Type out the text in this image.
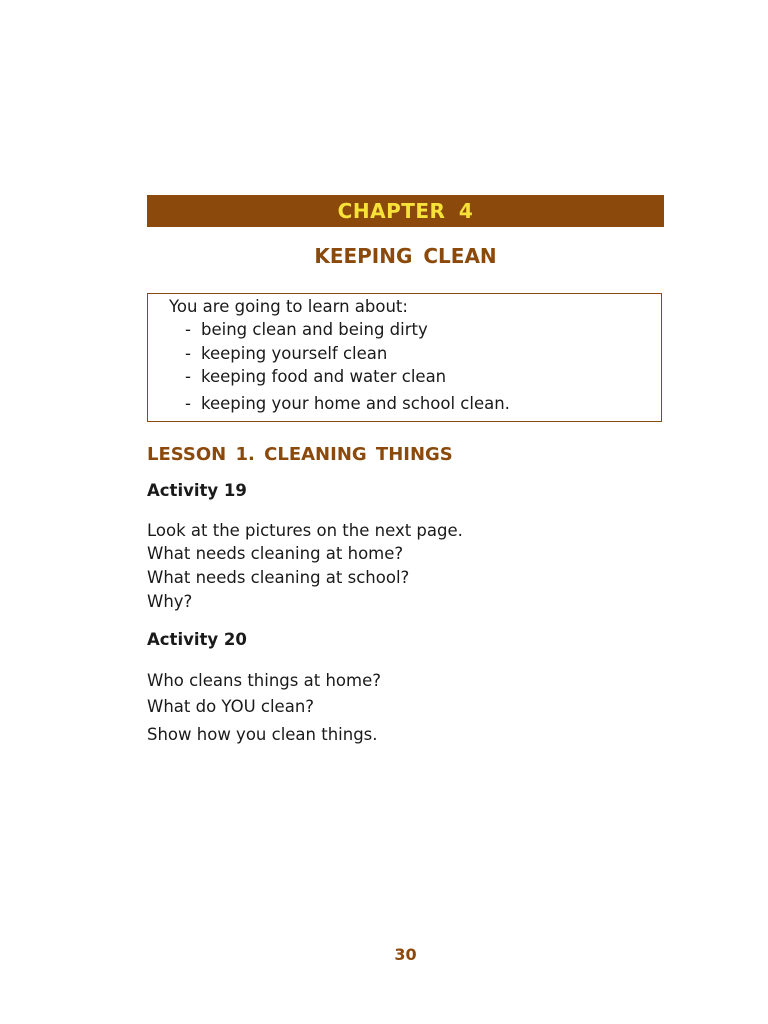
CHAPTER 4
KEEPING CLEAN

You are going to learn about:

- being clean and being dirty

- keeping yourself clean

- keeping food and water clean

- keeping your home and school clean.

LESSON 1. CLEANING THINGS

Activity 19

Look at the pictures on the next page.

What needs cleaning at home?

What needs cleaning at school?

Why?

Activity 20

Who cleans things at home?

What do YOU clean?

Show how you clean things.

30
